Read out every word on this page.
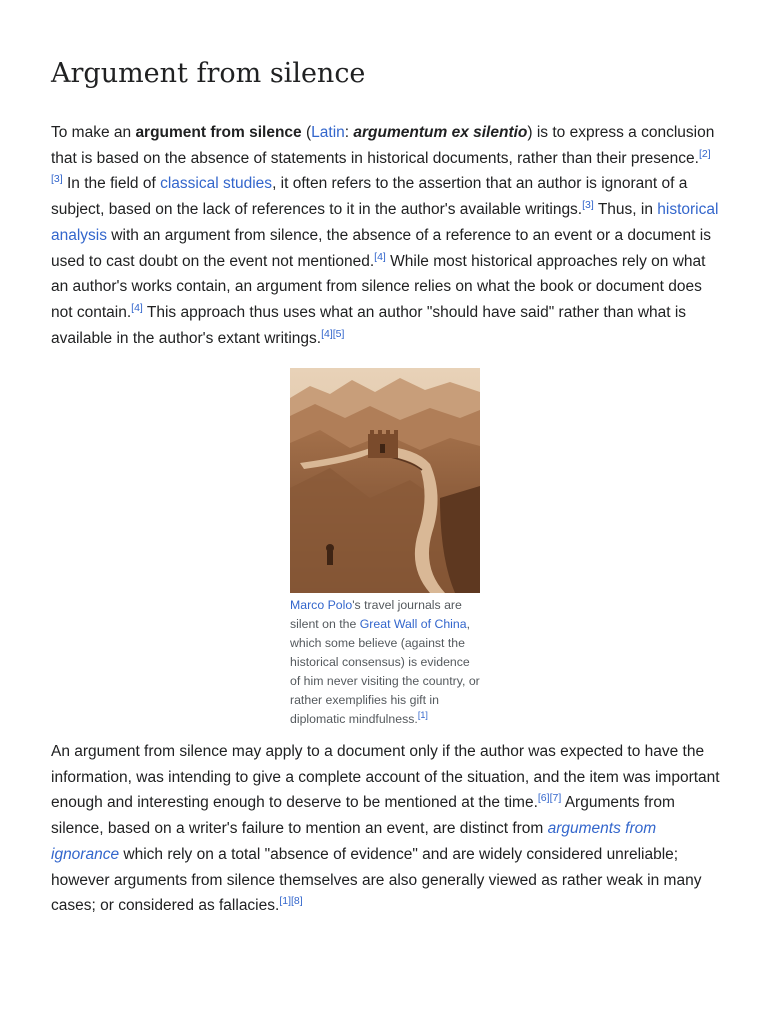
Argument from silence

To make an argument from silence (Latin: argumentum ex silentio) is to express a conclusion that is based on the absence of statements in historical documents, rather than their presence.[2][3] In the field of classical studies, it often refers to the assertion that an author is ignorant of a subject, based on the lack of references to it in the author's available writings.[3] Thus, in historical analysis with an argument from silence, the absence of a reference to an event or a document is used to cast doubt on the event not mentioned.[4] While most historical approaches rely on what an author's works contain, an argument from silence relies on what the book or document does not contain.[4] This approach thus uses what an author "should have said" rather than what is available in the author's extant writings.[4][5]

Marco Polo's travel journals are silent on the Great Wall of China, which some believe (against the historical consensus) is evidence of him never visiting the country, or rather exemplifies his gift in diplomatic mindfulness.[1]

An argument from silence may apply to a document only if the author was expected to have the information, was intending to give a complete account of the situation, and the item was important enough and interesting enough to deserve to be mentioned at the time.[6][7] Arguments from silence, based on a writer's failure to mention an event, are distinct from arguments from ignorance which rely on a total "absence of evidence" and are widely considered unreliable; however arguments from silence themselves are also generally viewed as rather weak in many cases; or considered as fallacies.[1][8]
